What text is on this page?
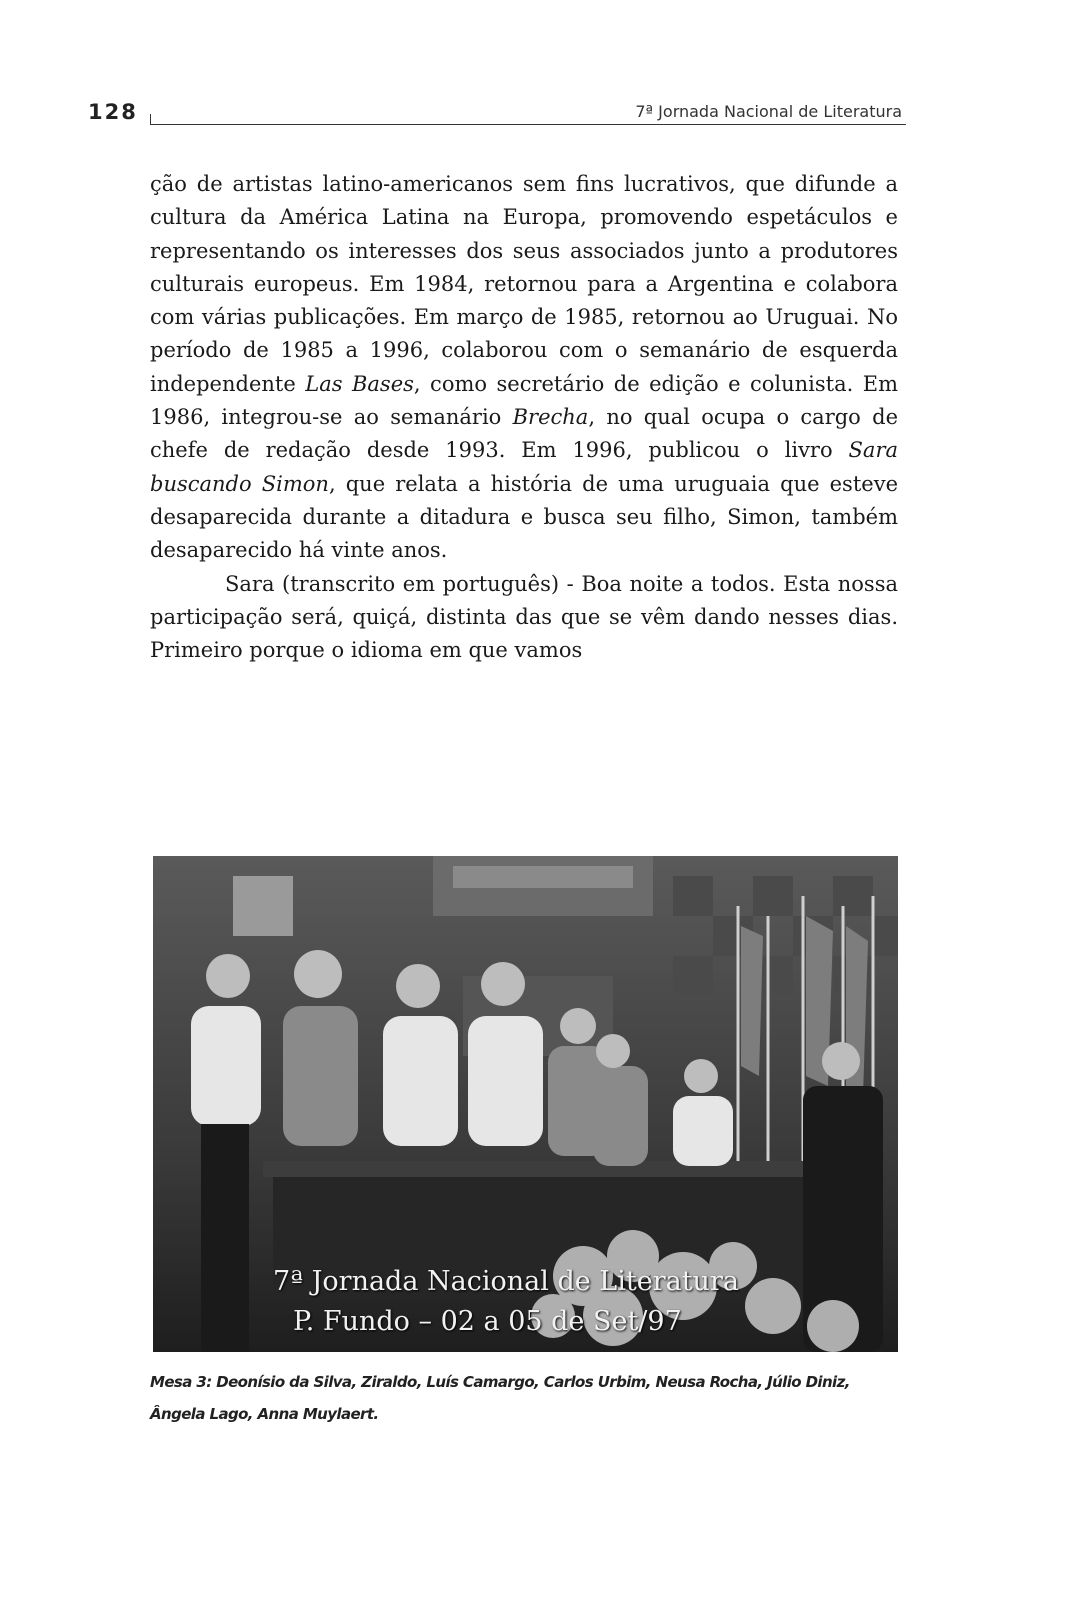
128	7ª Jornada Nacional de Literatura

ção de artistas latino-americanos sem fins lucrativos, que difunde a cultura da América Latina na Europa, promovendo espetáculos e representando os interesses dos seus associados junto a produtores culturais europeus. Em 1984, retornou para a Argentina e colabora com várias publicações. Em março de 1985, retornou ao Uruguai. No período de 1985 a 1996, colaborou com o semanário de esquerda independente Las Bases, como secretário de edição e colunista. Em 1986, integrou-se ao semanário Brecha, no qual ocupa o cargo de chefe de redação desde 1993. Em 1996, publicou o livro Sara buscando Simon, que relata a história de uma uruguaia que esteve desaparecida durante a ditadura e busca seu filho, Simon, também desaparecido há vinte anos.

Sara (transcrito em português) - Boa noite a todos. Esta nossa participação será, quiçá, distinta das que se vêm dando nesses dias. Primeiro porque o idioma em que vamos

7ª Jornada Nacional de Literatura
P. Fundo – 02 a 05 de Set/97
Mesa 3: Deonísio da Silva, Ziraldo, Luís Camargo, Carlos Urbim, Neusa Rocha, Júlio Diniz, Ângela Lago, Anna Muylaert.
